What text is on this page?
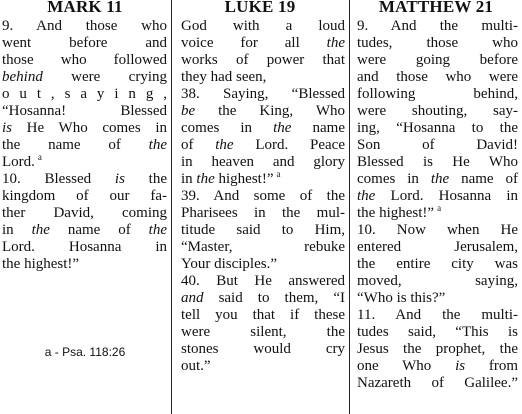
MARK 11
9. And those who
went before and
those who followed
behind were crying
o u t , s a y i n g ,
“Hosanna! Blessed
is He Who comes in
the name of the
Lord. $^a$
10. Blessed is the
kingdom of our fa-
ther David, coming
in the name of the
Lord. Hosanna in
the highest!”
a - Psa. 118:26
LUKE 19
God with a loud
voice for all the
works of power that
they had seen,
38. Saying, “Blessed
be the King, Who
comes in the name
of the Lord. Peace
in heaven and glory
in the highest!” $^a$
39. And some of the
Pharisees in the mul-
titude said to Him,
“Master, rebuke
Your disciples.”
40. But He answered
and said to them, “I
tell you that if these
were silent, the
stones would cry
out.”
MATTHEW 21
9. And the multi-
tudes, those who
were going before
and those who were
following behind,
were shouting, say-
ing, “Hosanna to the
Son of David!
Blessed is He Who
comes in the name of
the Lord. Hosanna in
the highest!” $^a$
10. Now when He
entered Jerusalem,
the entire city was
moved, saying,
“Who is this?”
11. And the multi-
tudes said, “This is
Jesus the prophet, the
one Who is from
Nazareth of Galilee.”
